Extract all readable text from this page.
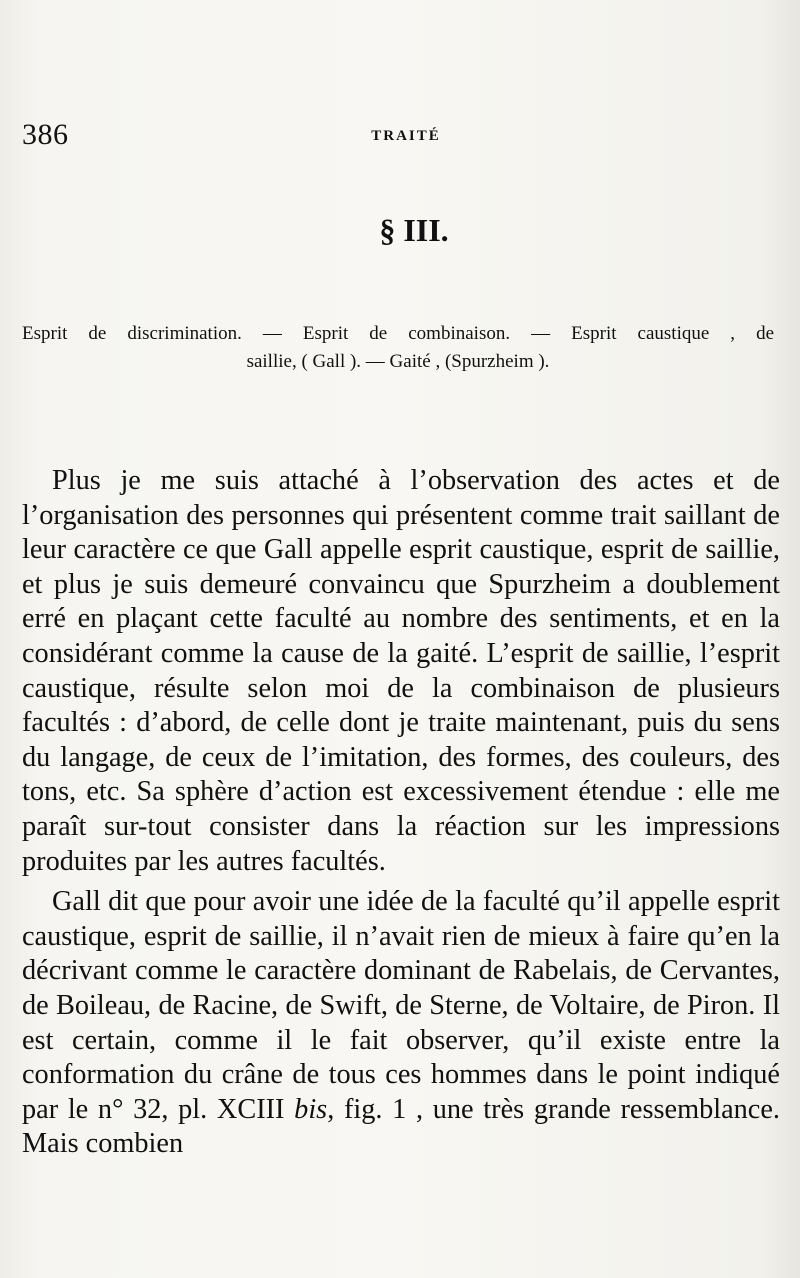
386	TRAITÉ
§ III.
Esprit de discrimination. — Esprit de combinaison. — Esprit caustique , de
saillie, ( Gall ). — Gaité , (Spurzheim ).

Plus je me suis attaché à l’observation des actes et de l’organisation des personnes qui présentent comme trait saillant de leur caractère ce que Gall appelle esprit caustique, esprit de saillie, et plus je suis demeuré convaincu que Spurzheim a doublement erré en plaçant cette faculté au nombre des sentiments, et en la considérant comme la cause de la gaité. L’esprit de saillie, l’esprit caustique, résulte selon moi de la combinaison de plusieurs facultés : d’abord, de celle dont je traite maintenant, puis du sens du langage, de ceux de l’imitation, des formes, des couleurs, des tons, etc. Sa sphère d’action est excessivement étendue : elle me paraît sur-tout consister dans la réaction sur les impressions produites par les autres facultés.

Gall dit que pour avoir une idée de la faculté qu’il appelle esprit caustique, esprit de saillie, il n’avait rien de mieux à faire qu’en la décrivant comme le caractère dominant de Rabelais, de Cervantes, de Boileau, de Racine, de Swift, de Sterne, de Voltaire, de Piron. Il est certain, comme il le fait observer, qu’il existe entre la conformation du crâne de tous ces hommes dans le point indiqué par le n° 32, pl. XCIII bis, fig. 1 , une très grande ressemblance. Mais combien
